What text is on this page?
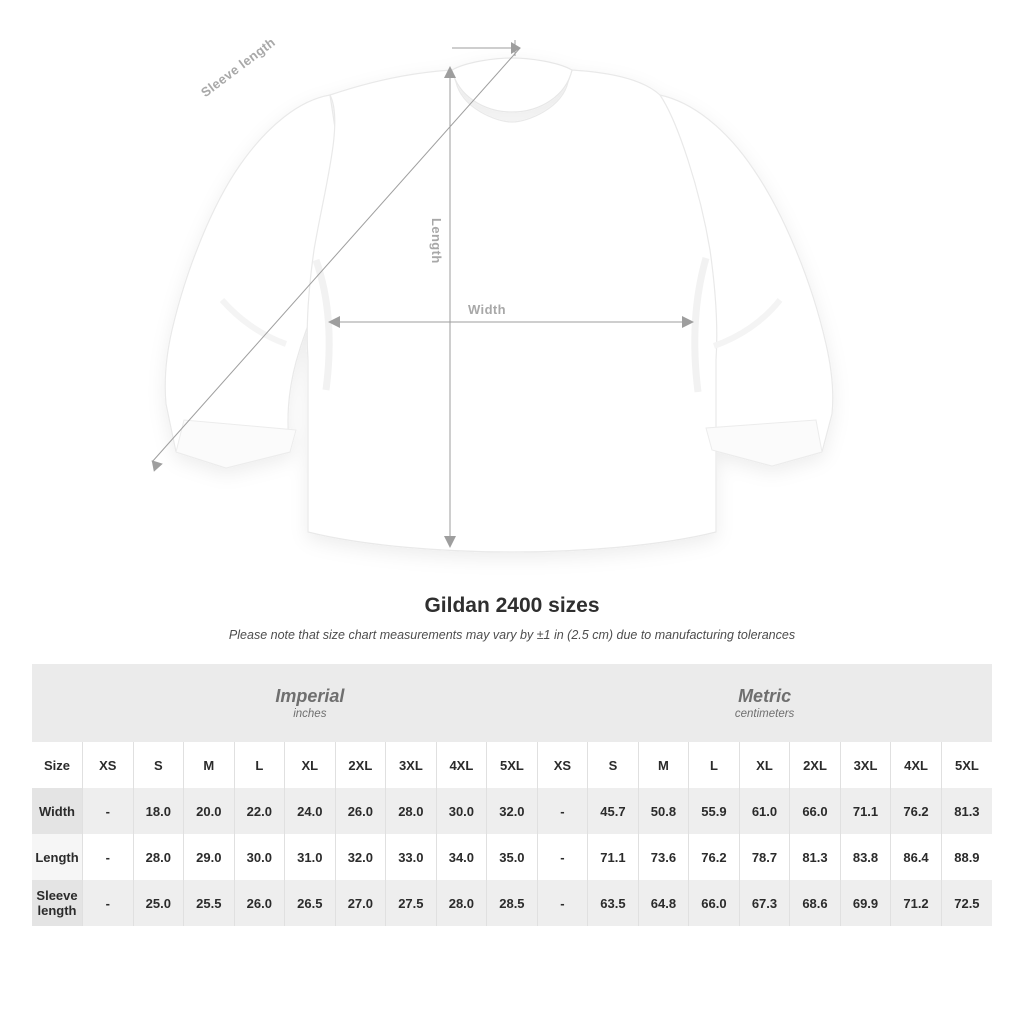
Sleeve length
Length
Width
Gildan 2400 sizes

Please note that size chart measurements may vary by ±1 in (2.5 cm) due to manufacturing tolerances

	Imperial
inches									Metric
centimeters								

Size	XS	S	M	L	XL	2XL	3XL	4XL	5XL	XS	S	M	L	XL	2XL	3XL	4XL	5XL
Width	-	18.0	20.0	22.0	24.0	26.0	28.0	30.0	32.0	-	45.7	50.8	55.9	61.0	66.0	71.1	76.2	81.3
Length	-	28.0	29.0	30.0	31.0	32.0	33.0	34.0	35.0	-	71.1	73.6	76.2	78.7	81.3	83.8	86.4	88.9
Sleeve length	-	25.0	25.5	26.0	26.5	27.0	27.5	28.0	28.5	-	63.5	64.8	66.0	67.3	68.6	69.9	71.2	72.5
